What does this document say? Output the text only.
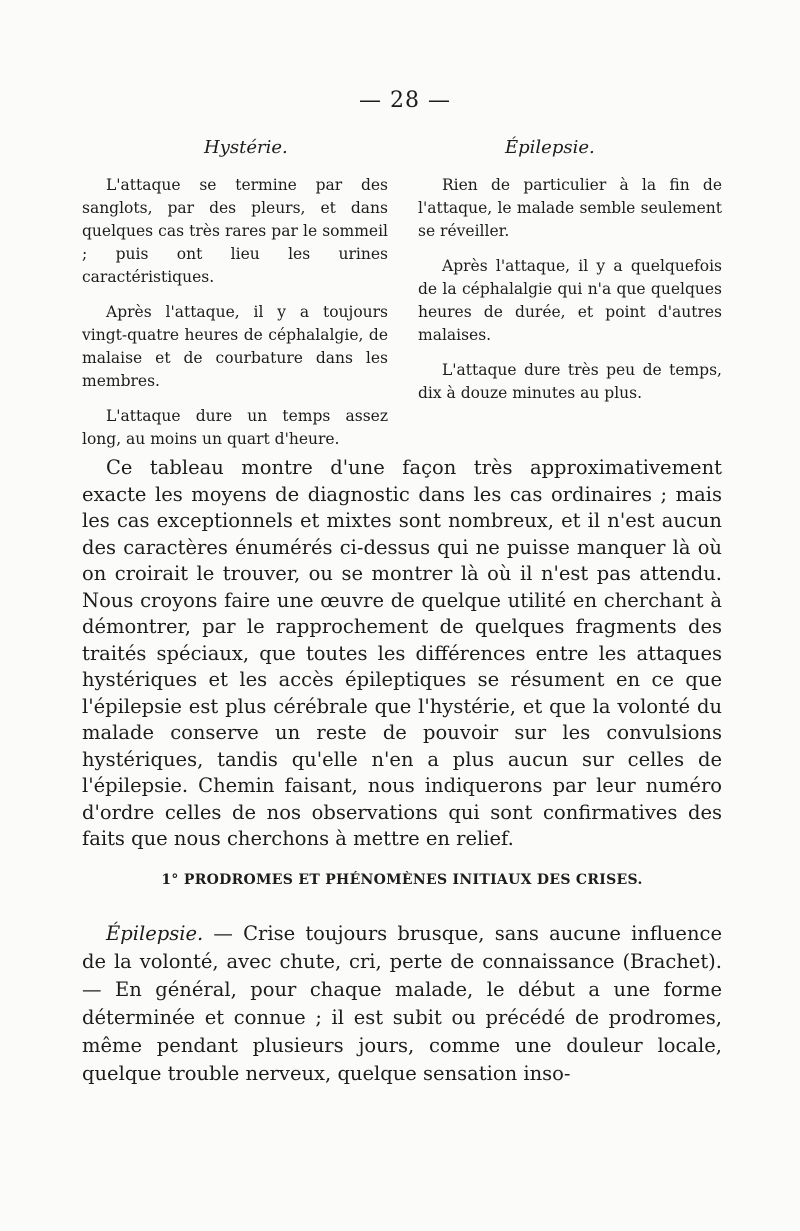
— 28 —
Hystérie.	Épilepsie.

L'attaque se termine par des sanglots, par des pleurs, et dans quelques cas très rares par le sommeil ; puis ont lieu les urines caractéristiques.

Après l'attaque, il y a toujours vingt-quatre heures de céphalalgie, de malaise et de courbature dans les membres.

L'attaque dure un temps assez long, au moins un quart d'heure.

Rien de particulier à la fin de l'attaque, le malade semble seulement se réveiller.

Après l'attaque, il y a quelquefois de la céphalalgie qui n'a que quelques heures de durée, et point d'autres malaises.

L'attaque dure très peu de temps, dix à douze minutes au plus.

Ce tableau montre d'une façon très approximativement exacte les moyens de diagnostic dans les cas ordinaires ; mais les cas exceptionnels et mixtes sont nombreux, et il n'est aucun des caractères énumérés ci-dessus qui ne puisse manquer là où on croirait le trouver, ou se montrer là où il n'est pas attendu. Nous croyons faire une œuvre de quelque utilité en cherchant à démontrer, par le rapprochement de quelques fragments des traités spéciaux, que toutes les différences entre les attaques hystériques et les accès épileptiques se résument en ce que l'épilepsie est plus cérébrale que l'hystérie, et que la volonté du malade conserve un reste de pouvoir sur les convulsions hystériques, tandis qu'elle n'en a plus aucun sur celles de l'épilepsie. Chemin faisant, nous indiquerons par leur numéro d'ordre celles de nos observations qui sont confirmatives des faits que nous cherchons à mettre en relief.

1° PRODROMES ET PHÉNOMÈNES INITIAUX DES CRISES.

Épilepsie. — Crise toujours brusque, sans aucune influence de la volonté, avec chute, cri, perte de connaissance (Brachet). — En général, pour chaque malade, le début a une forme déterminée et connue ; il est subit ou précédé de prodromes, même pendant plusieurs jours, comme une douleur locale, quelque trouble nerveux, quelque sensation inso-
